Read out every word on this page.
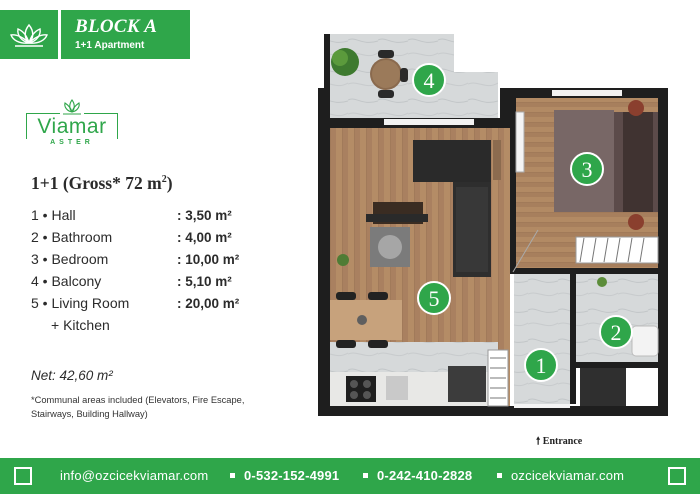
BLOCK A
1+1 Apartment
Viamar
ASTER
1+1 (Gross* 72 $m^2$)
1 • Hall	: 3,50 m²
2 • Bathroom	: 4,00 m²
3 • Bedroom	: 10,00 m²
4 • Balcony	: 5,10 m²
5 • Living Room	: 20,00 m²
+ Kitchen
Net: 42,60 m²
*Communal areas included (Elevators, Fire Escape, Stairways, Building Hallway)
1
2
3
4
5
🠕 Entrance
info@ozcicekviamar.com	0-532-152-4991	0-242-410-2828	ozcicekviamar.com
